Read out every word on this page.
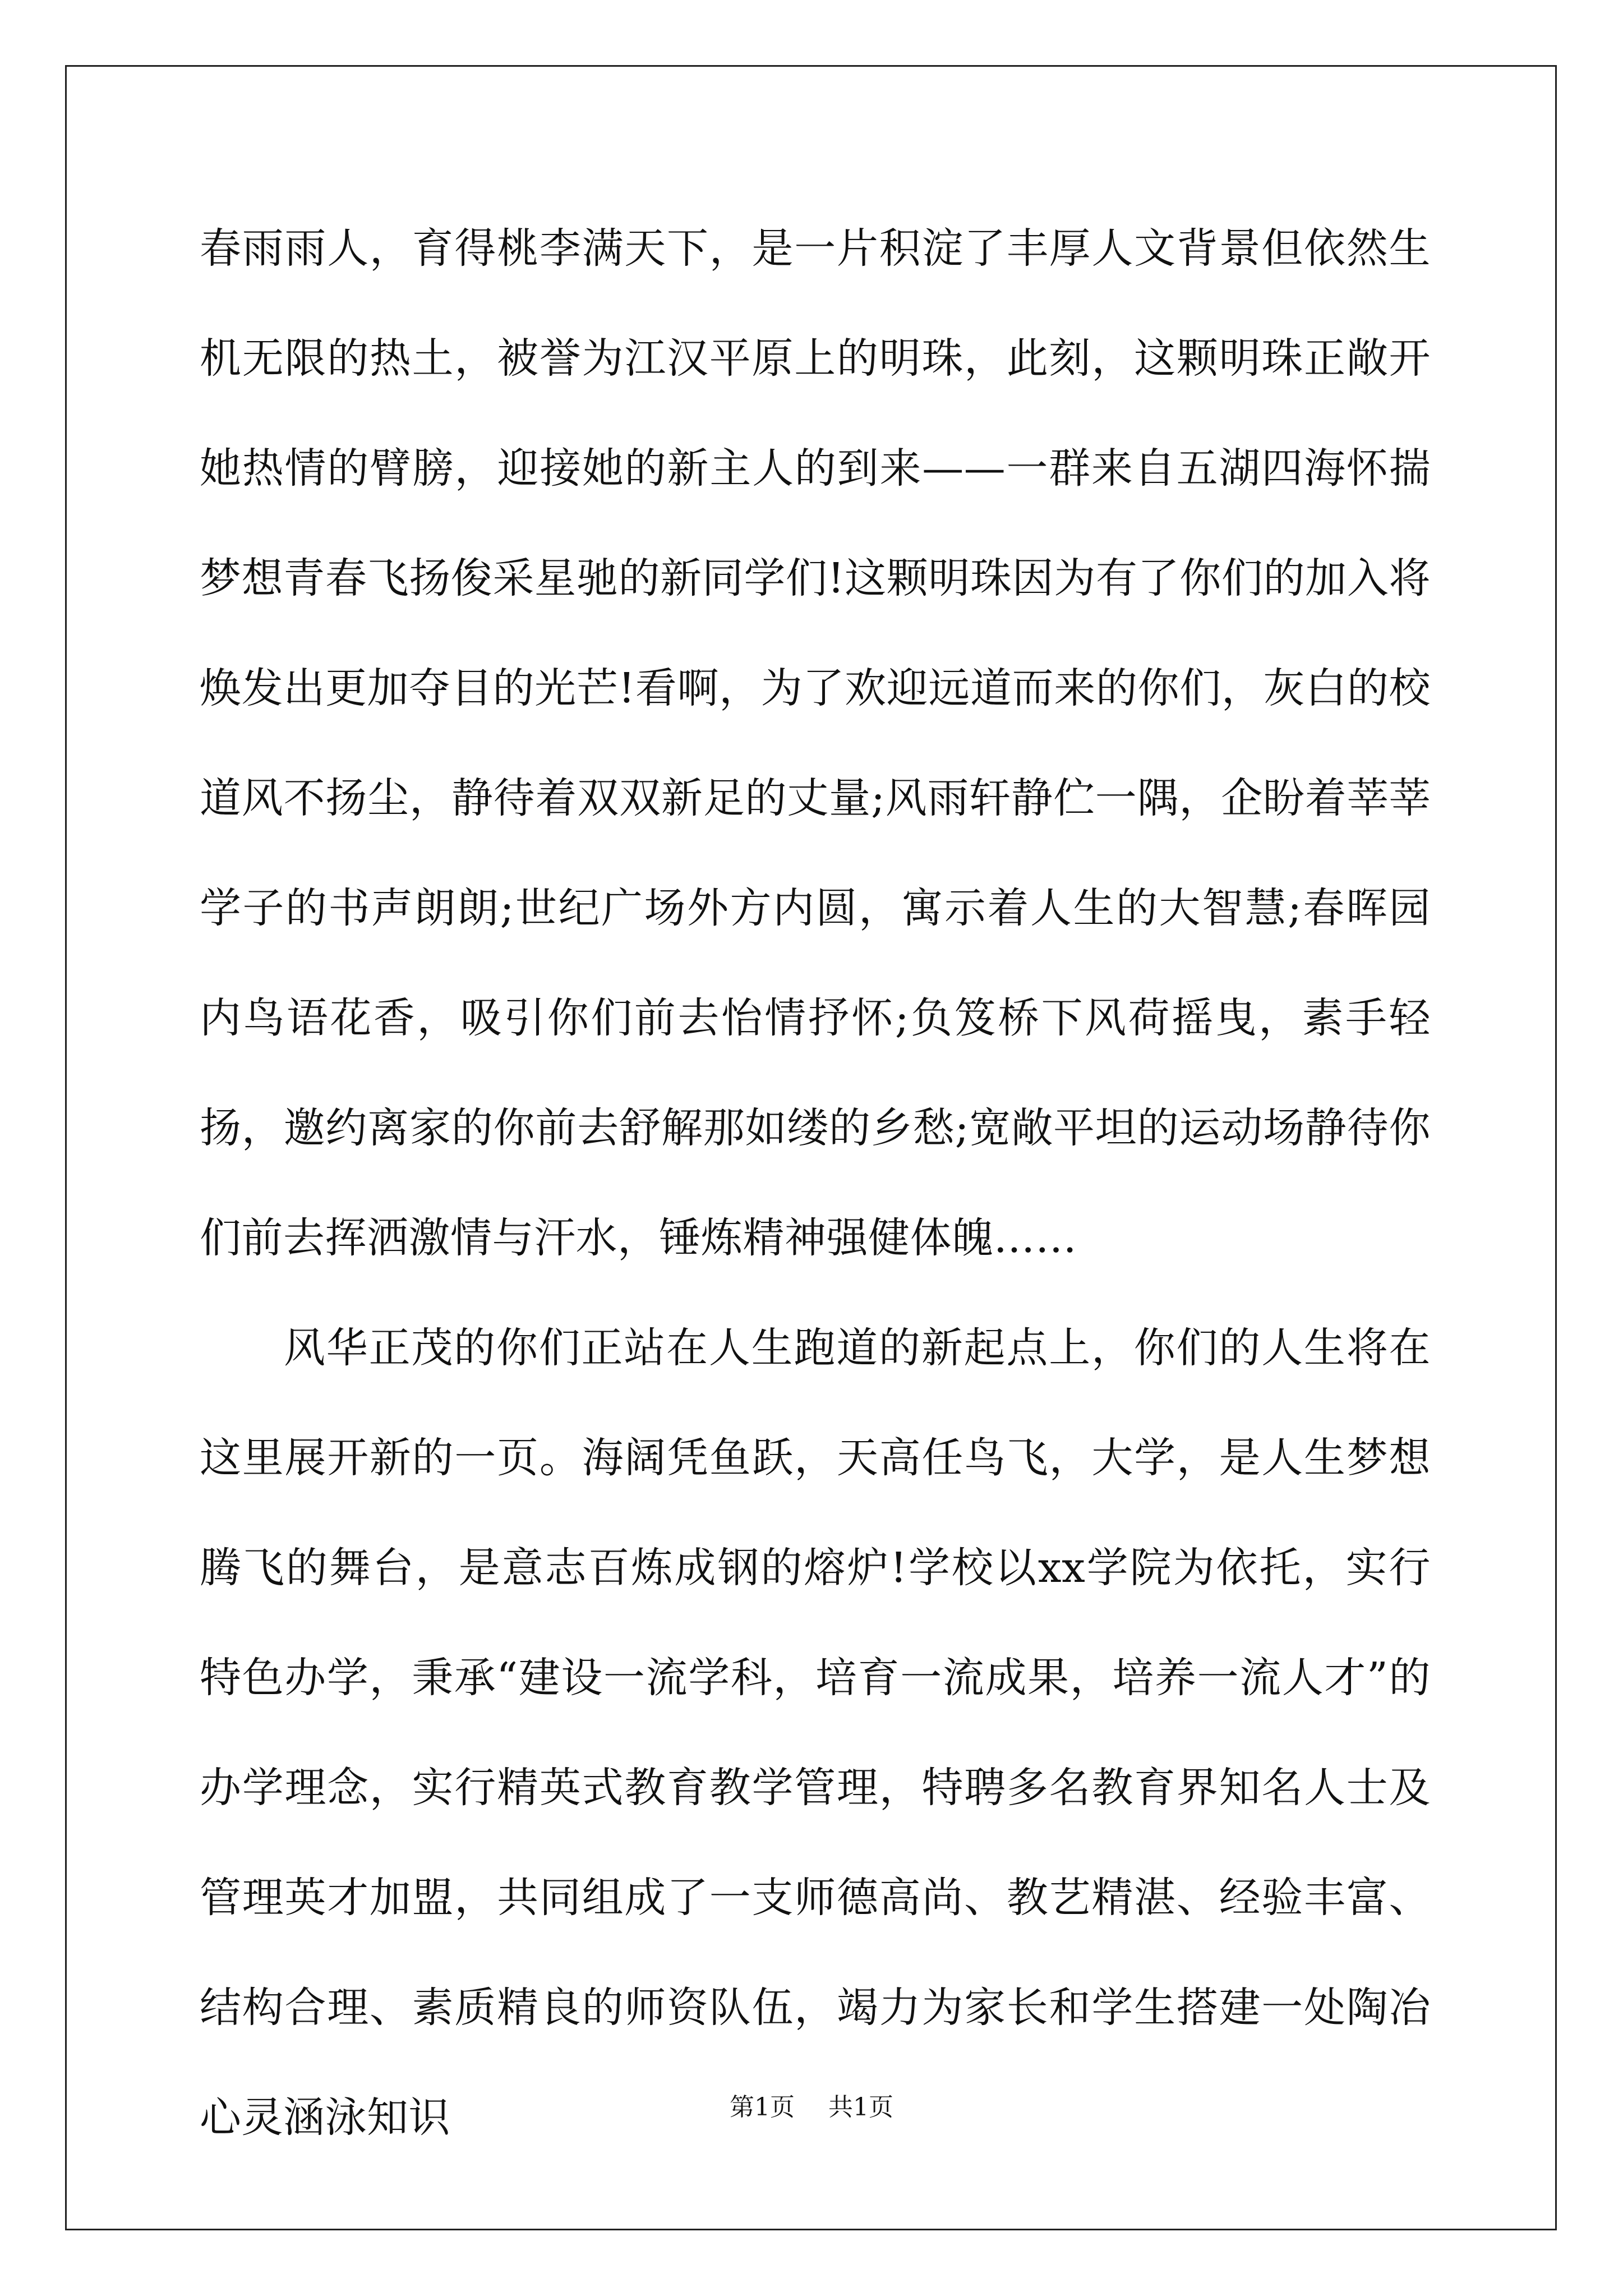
春雨雨人，育得桃李满天下，是一片积淀了丰厚人文背景但依然生机无限的热土，被誉为江汉平原上的明珠，此刻，这颗明珠正敞开她热情的臂膀，迎接她的新主人的到来——一群来自五湖四海怀揣梦想青春飞扬俊采星驰的新同学们!这颗明珠因为有了你们的加入将焕发出更加夺目的光芒!看啊，为了欢迎远道而来的你们，灰白的校道风不扬尘，静待着双双新足的丈量;风雨轩静伫一隅，企盼着莘莘学子的书声朗朗;世纪广场外方内圆，寓示着人生的大智慧;春晖园内鸟语花香，吸引你们前去怡情抒怀;负笈桥下风荷摇曳，素手轻扬，邀约离家的你前去舒解那如缕的乡愁;宽敞平坦的运动场静待你们前去挥洒激情与汗水，锤炼精神强健体魄……

风华正茂的你们正站在人生跑道的新起点上，你们的人生将在这里展开新的一页。海阔凭鱼跃，天高任鸟飞，大学，是人生梦想腾飞的舞台，是意志百炼成钢的熔炉!学校以xx学院为依托，实行特色办学，秉承“建设一流学科，培育一流成果，培养一流人才”的办学理念，实行精英式教育教学管理，特聘多名教育界知名人士及管理英才加盟，共同组成了一支师德高尚、教艺精湛、经验丰富、结构合理、素质精良的师资队伍，竭力为家长和学生搭建一处陶冶心灵涵泳知识	第1页 共1页
